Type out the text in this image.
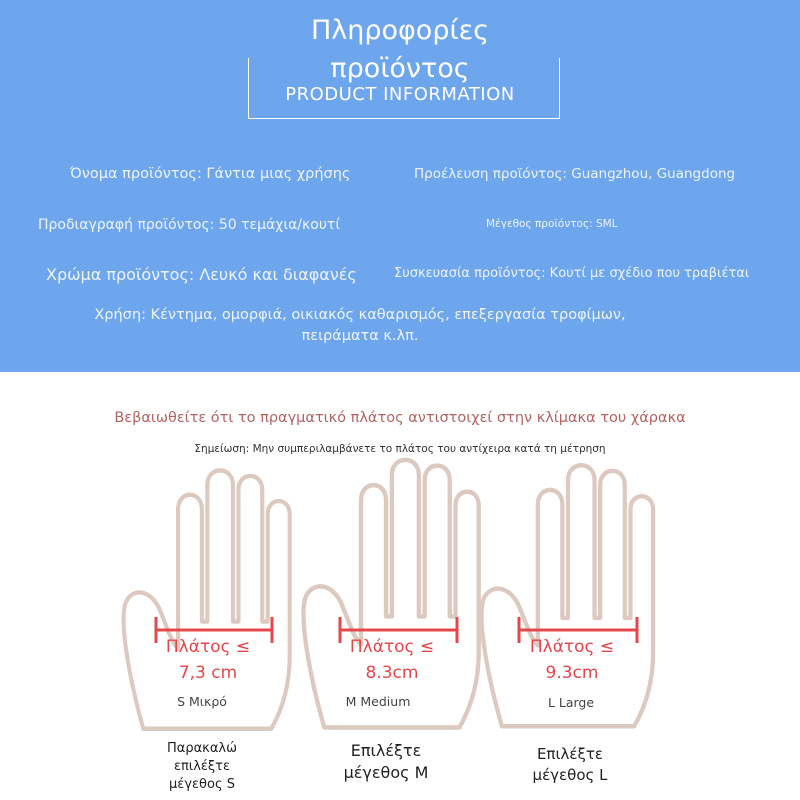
Πληροφορίες
προϊόντος
PRODUCT INFORMATION
Όνομα προϊόντος: Γάντια μιας χρήσης	Προέλευση προϊόντος: Guangzhou, Guangdong
Προδιαγραφή προϊόντος: 50 τεμάχια/κουτί	Μέγεθος προϊόντος: SML
Χρώμα προϊόντος: Λευκό και διαφανές	Συσκευασία προϊόντος: Κουτί με σχέδιο που τραβιέται
Χρήση: Κέντημα, ομορφιά, οικιακός καθαρισμός, επεξεργασία τροφίμων,
πειράματα κ.λπ.
Βεβαιωθείτε ότι το πραγματικό πλάτος αντιστοιχεί στην κλίμακα του χάρακα
Σημείωση: Μην συμπεριλαμβάνετε το πλάτος του αντίχειρα κατά τη μέτρηση
Πλάτος ≤
7,3 cm
S Μικρό
Παρακαλώ
επιλέξτε
μέγεθος S
Πλάτος ≤
8.3cm
M Medium
Επιλέξτε
μέγεθος M
Πλάτος ≤
9.3cm
L Large
Επιλέξτε
μέγεθος L
